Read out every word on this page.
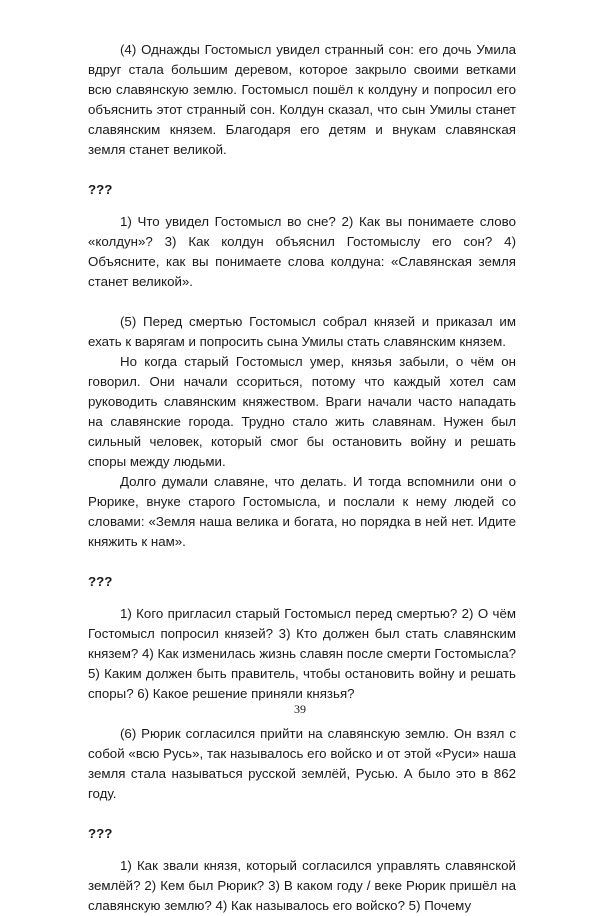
(4) Однажды Гостомысл увидел странный сон: его дочь Умила вдруг стала большим деревом, которое закрыло своими ветками всю славянскую землю. Гостомысл пошёл к колдуну и попросил его объяснить этот странный сон. Колдун сказал, что сын Умилы станет славянским князем. Благодаря его детям и внукам славянская земля станет великой.

???

1) Что увидел Гостомысл во сне? 2) Как вы понимаете слово «колдун»? 3) Как колдун объяснил Гостомыслу его сон? 4) Объясните, как вы понимаете слова колдуна: «Славянская земля станет великой».

(5) Перед смертью Гостомысл собрал князей и приказал им ехать к варягам и попросить сына Умилы стать славянским князем.

Но когда старый Гостомысл умер, князья забыли, о чём он говорил. Они начали ссориться, потому что каждый хотел сам руководить славянским княжеством. Враги начали часто нападать на славянские города. Трудно стало жить славянам. Нужен был сильный человек, который смог бы остановить войну и решать споры между людьми.

Долго думали славяне, что делать. И тогда вспомнили они о Рюрике, внуке старого Гостомысла, и послали к нему людей со словами: «Земля наша велика и богата, но порядка в ней нет. Идите княжить к нам».

???

1) Кого пригласил старый Гостомысл перед смертью? 2) О чём Гостомысл попросил князей? 3) Кто должен был стать славянским князем? 4) Как изменилась жизнь славян после смерти Гостомысла? 5) Каким должен быть правитель, чтобы остановить войну и решать споры? 6) Какое решение приняли князья?

(6) Рюрик согласился прийти на славянскую землю. Он взял с собой «всю Русь», так называлось его войско и от этой «Руси» наша земля стала называться русской землёй, Русью. А было это в 862 году.

???

1) Как звали князя, который согласился управлять славянской землёй? 2) Кем был Рюрик? 3) В каком году / веке Рюрик пришёл на славянскую землю? 4) Как называлось его войско? 5) Почему

39
